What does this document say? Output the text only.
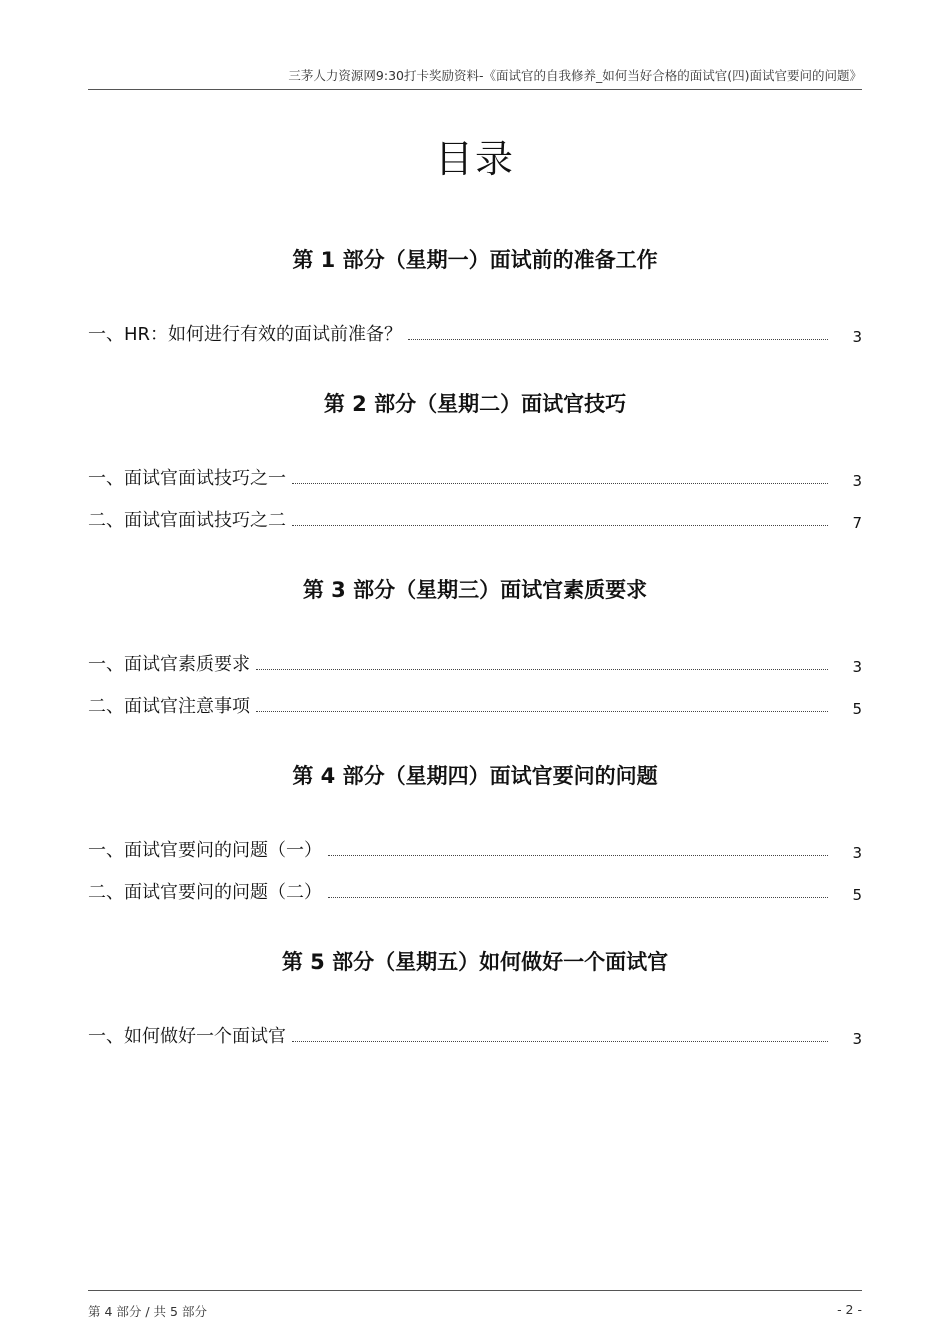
三茅人力资源网9:30打卡奖励资料-《面试官的自我修养_如何当好合格的面试官(四)面试官要问的问题》
目录
第 1 部分（星期一）面试前的准备工作
一、HR：如何进行有效的面试前准备？	3
第 2 部分（星期二）面试官技巧
一、面试官面试技巧之一	3
二、面试官面试技巧之二	7
第 3 部分（星期三）面试官素质要求
一、面试官素质要求	3
二、面试官注意事项	5
第 4 部分（星期四）面试官要问的问题
一、面试官要问的问题（一）	3
二、面试官要问的问题（二）	5
第 5 部分（星期五）如何做好一个面试官
一、如何做好一个面试官	3
第 4 部分 / 共 5 部分	- 2 -
